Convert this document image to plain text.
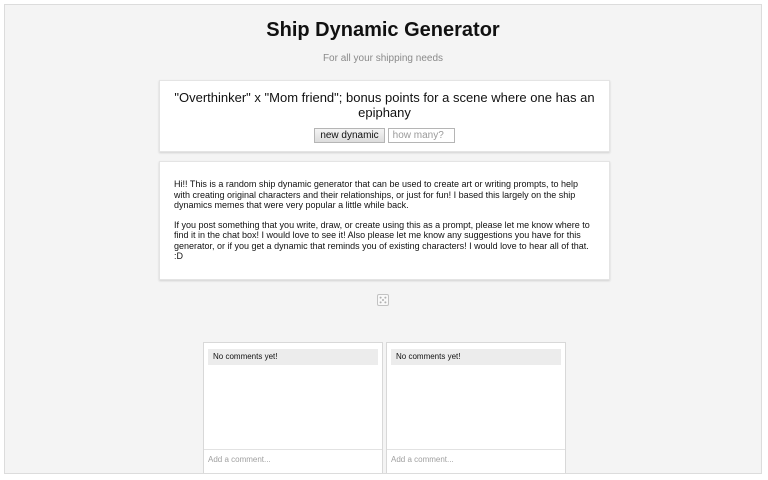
Ship Dynamic Generator
For all your shipping needs
"Overthinker" x "Mom friend"; bonus points for a scene where one has an epiphany
new dynamic how many?

Hi!! This is a random ship dynamic generator that can be used to create art or writing prompts, to help with creating original characters and their relationships, or just for fun! I based this largely on the ship dynamics memes that were very popular a little while back.

If you post something that you write, draw, or create using this as a prompt, please let me know where to find it in the chat box! I would love to see it! Also please let me know any suggestions you have for this generator, or if you get a dynamic that reminds you of existing characters! I would love to hear all of that. :D

No comments yet!
Add a comment...	No comments yet!
Add a comment...
